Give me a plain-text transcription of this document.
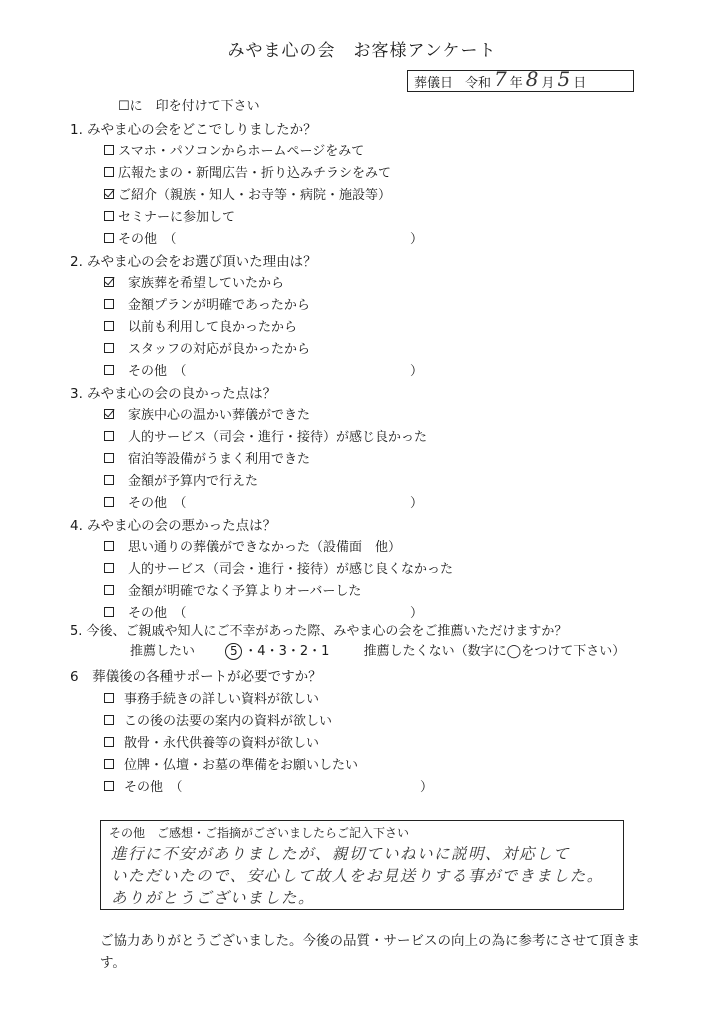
みやま心の会　お客様アンケート
葬儀日 令和 7 年 8 月 5 日
☐に　印を付けて下さい
1. みやま心の会をどこでしりましたか？
スマホ・パソコンからホームページをみて
広報たまの・新聞広告・折り込みチラシをみて
ご紹介（親族・知人・お寺等・病院・施設等）
セミナーに参加して
その他　（	）
2. みやま心の会をお選び頂いた理由は？
家族葬を希望していたから
金額プランが明確であったから
以前も利用して良かったから
スタッフの対応が良かったから
その他　（	）
3. みやま心の会の良かった点は？
家族中心の温かい葬儀ができた
人的サービス（司会・進行・接待）が感じ良かった
宿泊等設備がうまく利用できた
金額が予算内で行えた
その他　（	）
4. みやま心の会の悪かった点は？
思い通りの葬儀ができなかった（設備面　他）
人的サービス（司会・進行・接待）が感じ良くなかった
金額が明確でなく予算よりオーバーした
その他　（	）
5. 今後、ご親戚や知人にご不幸があった際、みやま心の会をご推薦いただけますか？
推薦したい	5 ・4・3・2・1	推薦したくない（数字に◯をつけて下さい）
6　葬儀後の各種サポートが必要ですか？
事務手続きの詳しい資料が欲しい
この後の法要の案内の資料が欲しい
散骨・永代供養等の資料が欲しい
位牌・仏壇・お墓の準備をお願いしたい
その他　（	）
その他　ご感想・ご指摘がございましたらご記入下さい
進行に不安がありましたが、親切ていねいに説明、対応して
いただいたので、安心して故人をお見送りする事ができました。
ありがとうございました。
ご協力ありがとうございました。今後の品質・サービスの向上の為に参考にさせて頂きます。
